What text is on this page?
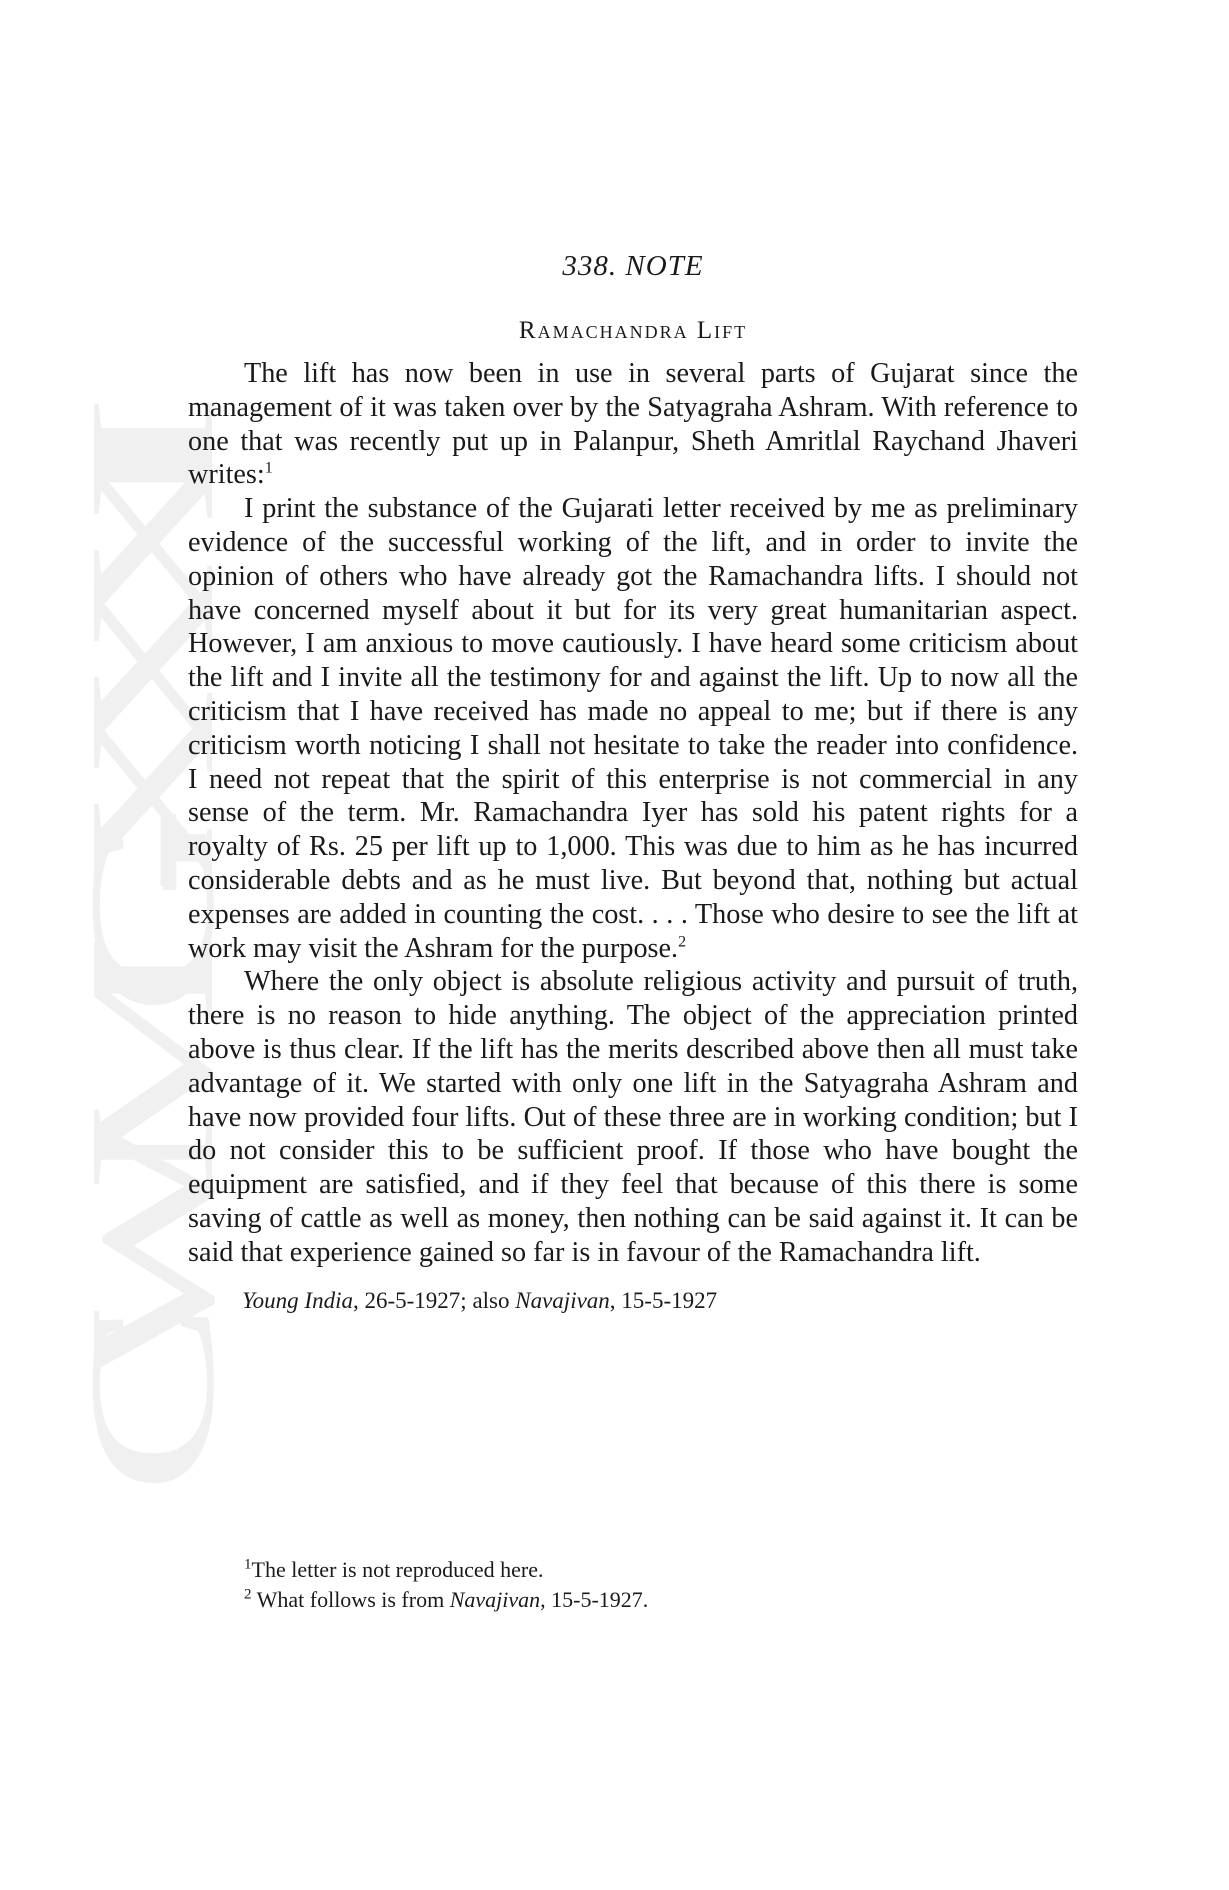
338. NOTE
Ramachandra Lift

The lift has now been in use in several parts of Gujarat since the management of it was taken over by the Satyagraha Ashram. With reference to one that was recently put up in Palanpur, Sheth Amritlal Raychand Jhaveri writes:$^1$

I print the substance of the Gujarati letter received by me as preliminary evidence of the successful working of the lift, and in order to invite the opinion of others who have already got the Ramachandra lifts. I should not have concerned myself about it but for its very great humanitarian aspect. However, I am anxious to move cautiously. I have heard some criticism about the lift and I invite all the testimony for and against the lift. Up to now all the criticism that I have received has made no appeal to me; but if there is any criticism worth noticing I shall not hesitate to take the reader into confidence. I need not repeat that the spirit of this enterprise is not commercial in any sense of the term. Mr. Ramachandra Iyer has sold his patent rights for a royalty of Rs. 25 per lift up to 1,000. This was due to him as he has incurred considerable debts and as he must live. But beyond that, nothing but actual expenses are added in counting the cost. . . . Those who desire to see the lift at work may visit the Ashram for the purpose.$^2$

Where the only object is absolute religious activity and pursuit of truth, there is no reason to hide anything. The object of the appreciation printed above is thus clear. If the lift has the merits described above then all must take advantage of it. We started with only one lift in the Satyagraha Ashram and have now provided four lifts. Out of these three are in working condition; but I do not consider this to be sufficient proof. If those who have bought the equipment are satisfied, and if they feel that because of this there is some saving of cattle as well as money, then nothing can be said against it. It can be said that experience gained so far is in favour of the Ramachandra lift.

Young India, 26-5-1927; also Navajivan, 15-5-1927
$^1$The letter is not reproduced here.
$^2$ What follows is from Navajivan, 15-5-1927.
